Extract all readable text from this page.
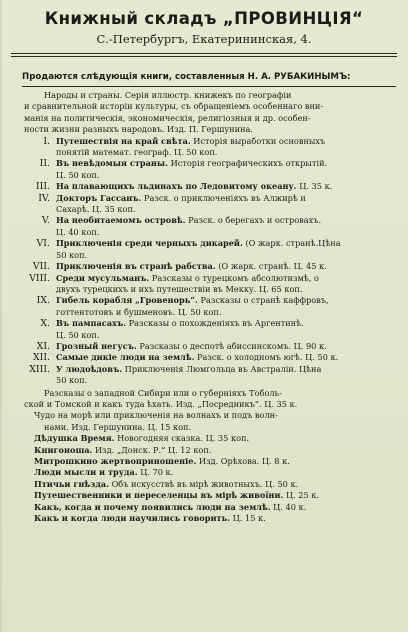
Книжный складъ „ПРОВИНЦІЯ“
С.-Петербургъ, Екатерининская, 4.
Продаются слѣдующія книги, составленныя Н. А. РУБАКИНЫМЪ:
Народы и страны. Серія иллюстр. книжекъ по географіи
и сравнительной исторіи культуры, съ обращеніемъ особеннаго вни-
манія на политическія, экономическія, религіозныя и др. особен-
ности жизни разныхъ народовъ. Изд. П. Гершунина.
I. Путешествія на край свѣта. Исторія выработки основныхъ
понятій математ. географ. Ц. 50 коп.
II. Въ невѣдомыя страны. Исторія географическихъ открытій.
Ц. 50 коп.
III. На плавающихъ льдинахъ по Ледовитому океану. Ц. 35 к.
IV. Докторъ Гассанъ. Разск. о приключеніяхъ въ Алжирѣ и
Сахарѣ. Ц. 35 коп.
V. На необитаемомъ островѣ. Разск. о берегахъ и островахъ.
Ц. 40 коп.
VI. Приключенія среди черныхъ дикарей. (О жарк. странѣ.Цѣна
50 коп.
VII. Приключенія въ странѣ рабства. (О жарк. странѣ. Ц. 45 к.
VIII. Среди мусульманъ. Разсказы о турецкомъ абсолютизмѣ, о
двухъ турецкихъ и ихъ путешествіи въ Мекку. Ц. 65 коп.
IX. Гибель корабля „Гровенорь“. Разсказы о странѣ каффровъ,
готтентотовъ и бушменовъ. Ц. 50 коп.
X. Въ пампасахъ. Разсказы о похожденіяхъ въ Аргентинѣ.
Ц. 50 коп.
XI. Грозный негусъ. Разсказы о деспотѣ абиссинскомъ. Ц. 90 к.
XII. Самые дикіе люди на землѣ. Разск. о холодномъ югѣ. Ц. 50 к.
XIII. У людоѣдовъ. Приключенія Люмгольца въ Австраліи. Цѣна
50 коп.
Разсказы о западной Сибири или о губерніяхъ Тоболь-
ской и Томской и какъ туда ѣхать. Изд. „Посредникъ“. Ц. 35 к.
Чудо на морѣ или приключенія на волнахъ и подъ волн-
нами. Изд. Гершунина. Ц. 15 коп.
Дѣдушка Время. Новогодняя сказка. Ц. 35 коп.
Книгоноша. Изд. „Донск. Р.“ Ц. 12 коп.
Митрошкино жертвоприношеніе. Изд. Орѣхова. Ц. 8 к.
Люди мысли и труда. Ц. 70 к.
Птичьи гнѣзда. Объ искусствѣ въ мірѣ животныхъ. Ц. 50 к.
Путешественники и переселенцы въ мірѣ живоїни. Ц. 25 к.
Какъ, когда и почему появились люди на землѣ. Ц. 40 к.
Какъ и когда люди научились говорить. Ц. 15 к.
